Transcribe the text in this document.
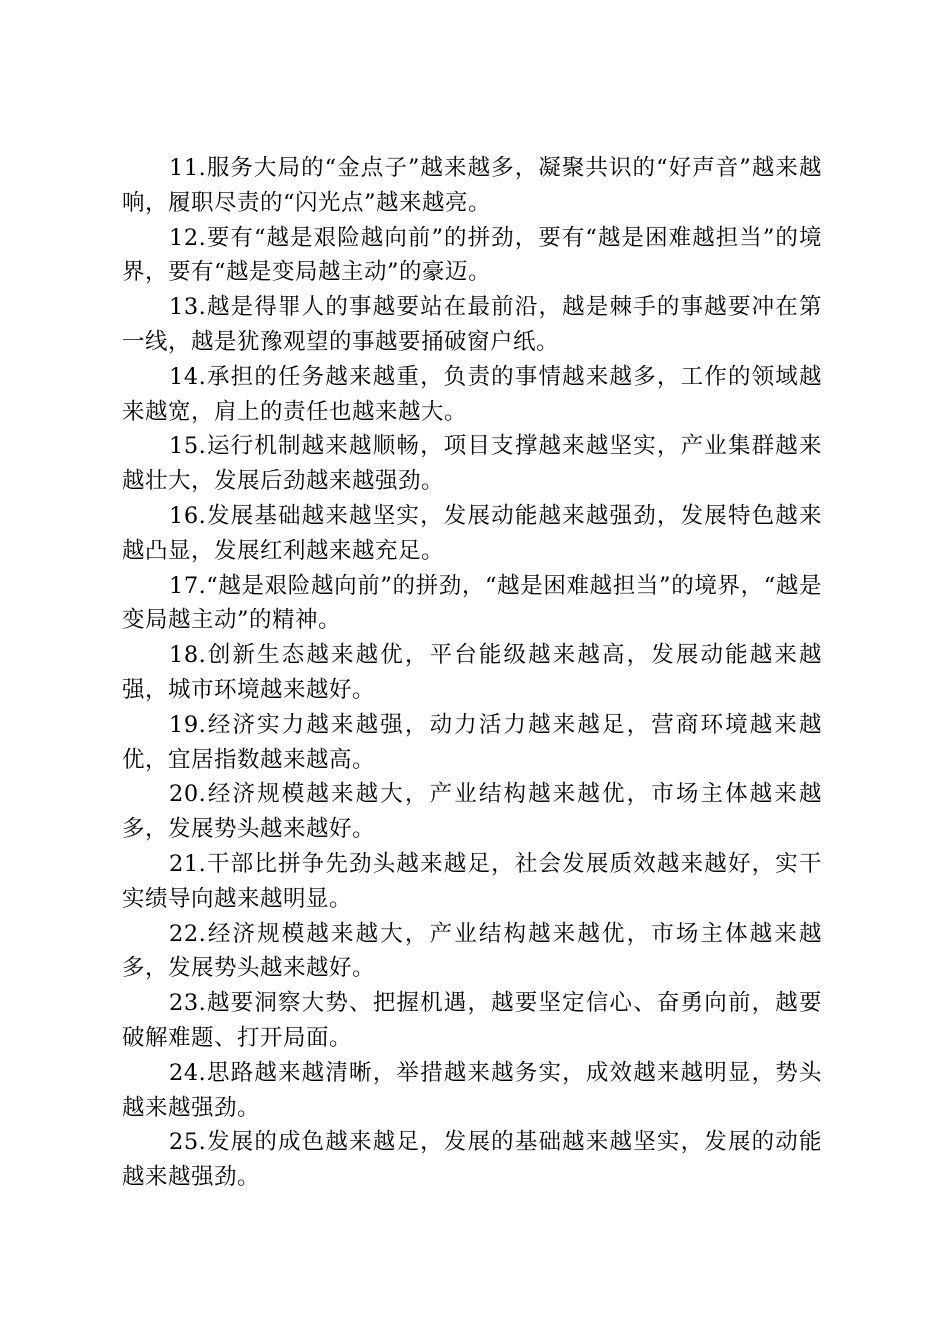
11.服务大局的“金点子”越来越多，凝聚共识的“好声音”越来越响，履职尽责的“闪光点”越来越亮。

12.要有“越是艰险越向前”的拼劲，要有“越是困难越担当”的境界，要有“越是变局越主动”的豪迈。

13.越是得罪人的事越要站在最前沿，越是棘手的事越要冲在第一线，越是犹豫观望的事越要捅破窗户纸。

14.承担的任务越来越重，负责的事情越来越多，工作的领域越来越宽，肩上的责任也越来越大。

15.运行机制越来越顺畅，项目支撑越来越坚实，产业集群越来越壮大，发展后劲越来越强劲。

16.发展基础越来越坚实，发展动能越来越强劲，发展特色越来越凸显，发展红利越来越充足。

17.“越是艰险越向前”的拼劲，“越是困难越担当”的境界，“越是变局越主动”的精神。

18.创新生态越来越优，平台能级越来越高，发展动能越来越强，城市环境越来越好。

19.经济实力越来越强，动力活力越来越足，营商环境越来越优，宜居指数越来越高。

20.经济规模越来越大，产业结构越来越优，市场主体越来越多，发展势头越来越好。

21.干部比拼争先劲头越来越足，社会发展质效越来越好，实干实绩导向越来越明显。

22.经济规模越来越大，产业结构越来越优，市场主体越来越多，发展势头越来越好。

23.越要洞察大势、把握机遇，越要坚定信心、奋勇向前，越要破解难题、打开局面。

24.思路越来越清晰，举措越来越务实，成效越来越明显，势头越来越强劲。

25.发展的成色越来越足，发展的基础越来越坚实，发展的动能越来越强劲。
